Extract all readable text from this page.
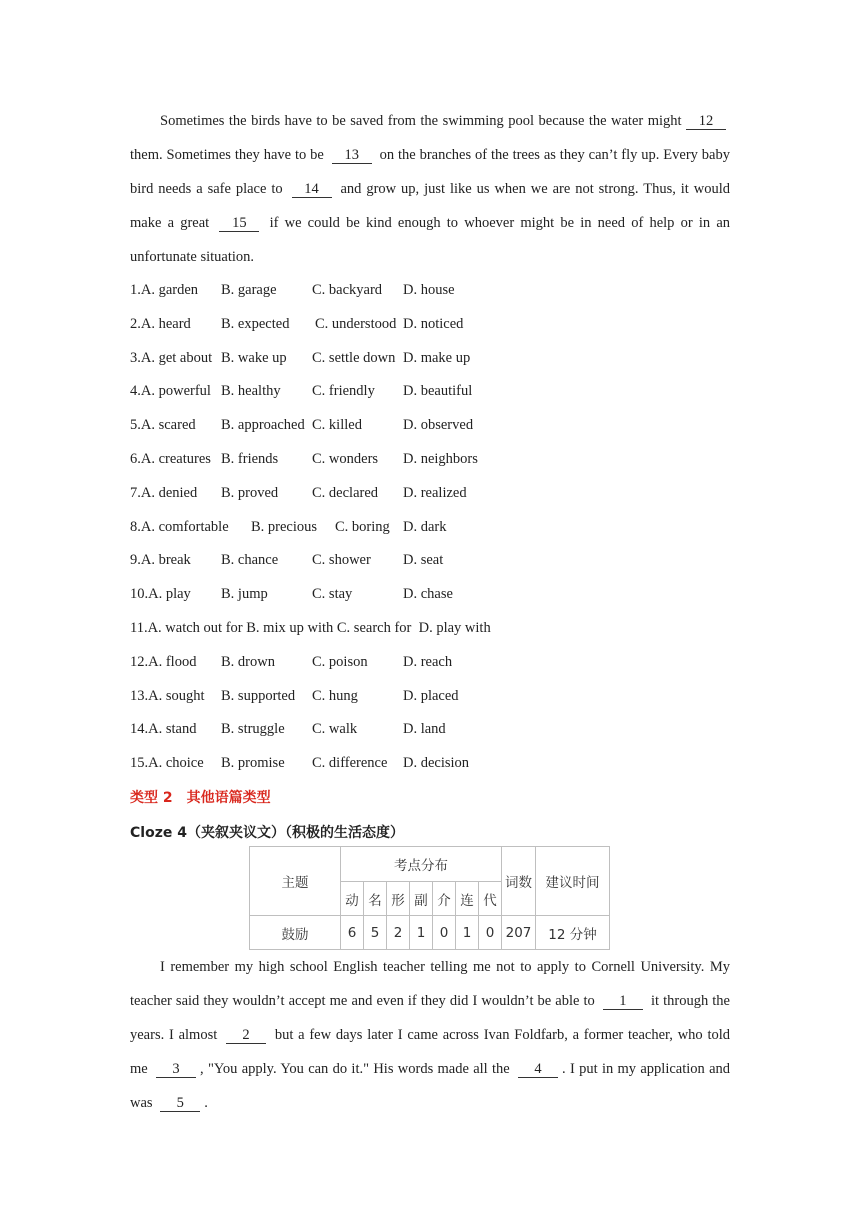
Sometimes the birds have to be saved from the swimming pool because the water might 12 them. Sometimes they have to be 13 on the branches of the trees as they can’t fly up. Every baby bird needs a safe place to 14 and grow up, just like us when we are not strong. Thus, it would make a great 15 if we could be kind enough to whoever might be in need of help or in an unfortunate situation.

1.A. garden B. garage C. backyard D. house
2.A. heard B. expected C. understood D. noticed
3.A. get about B. wake up C. settle down D. make up
4.A. powerful B. healthy C. friendly D. beautiful
5.A. scared B. approached C. killed	D. observed
6.A. creatures B. friends C. wonders D. neighbors
7.A. denied B. proved C. declared D. realized
8.A. comfortable B. precious C. boring D. dark
9.A. break B. chance C. shower D. seat
10.A. play B. jump	C. stay	D. chase
11.A. watch out for B. mix up with C. search for D. play with
12.A. flood B. drown	C. poison D. reach
13.A. sought B. supported C. hung	D. placed
14.A. stand B. struggle C. walk	D. land
15.A. choice B. promise C. difference D. decision
类型 2　其他语篇类型
Cloze 4（夹叙夹议文）（积极的生活态度）
主题	考点分布							词数	建议时间
	动	名	形	副	介	连	代		
鼓励	6	5	2	1	0	1	0	207	12 分钟

I remember my high school English teacher telling me not to apply to Cornell University. My teacher said they wouldn’t accept me and even if they did I wouldn’t be able to 1 it through the years. I almost 2 but a few days later I came across Ivan Foldfarb, a former teacher, who told me 3 , "You apply. You can do it." His words made all the 4 . I put in my application and was 5 .
